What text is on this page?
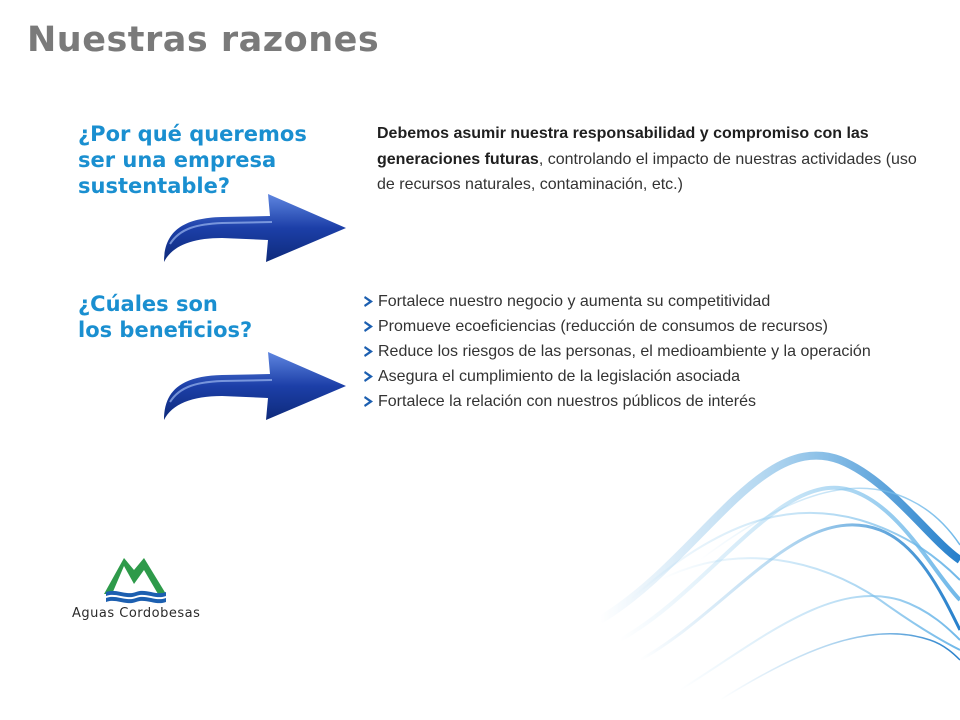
Nuestras razones
¿Por qué queremos
ser una empresa
sustentable?

Debemos asumir nuestra responsabilidad y compromiso con las generaciones futuras, controlando el impacto de nuestras actividades (uso de recursos naturales, contaminación, etc.)

¿Cúales son
los beneficios?
Fortalece nuestro negocio y aumenta su competitividad
Promueve ecoeficiencias (reducción de consumos de recursos)
Reduce los riesgos de las personas, el medioambiente y la operación
Asegura el cumplimiento de la legislación asociada
Fortalece la relación con nuestros públicos de interés

Aguas Cordobesas
